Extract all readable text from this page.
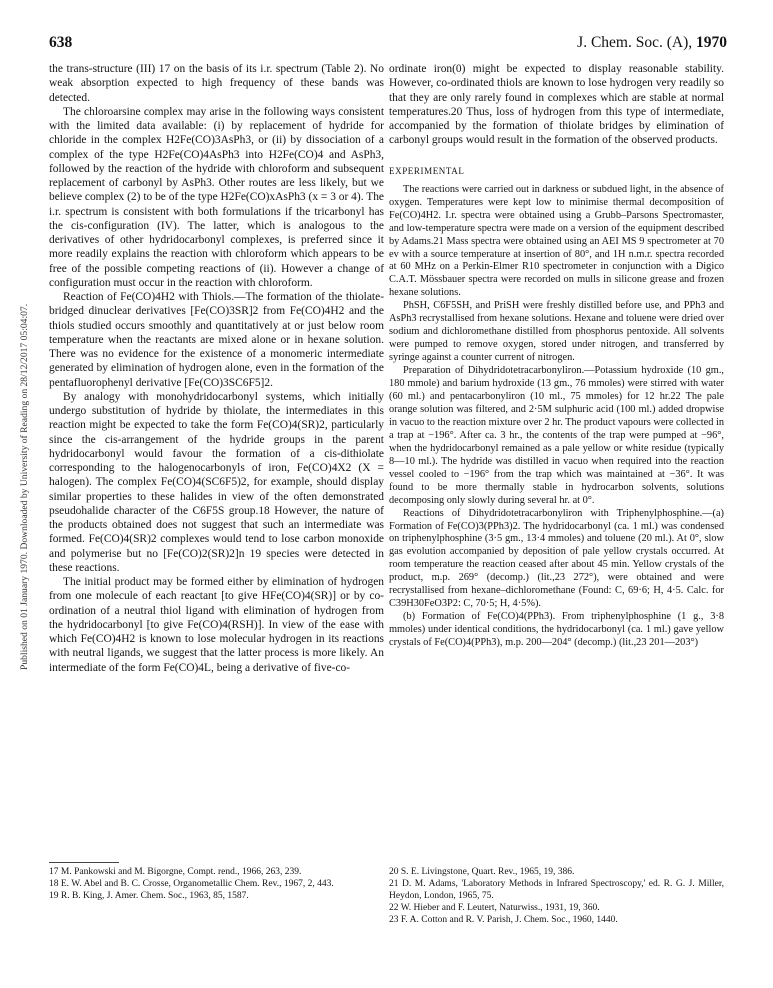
638	J. Chem. Soc. (A), 1970
Published on 01 January 1970. Downloaded by University of Reading on 28/12/2017 05:04:07.

the trans-structure (III) 17 on the basis of its i.r. spectrum (Table 2). No weak absorption expected to high frequency of these bands was detected.

The chloroarsine complex may arise in the following ways consistent with the limited data available: (i) by replacement of hydride for chloride in the complex H2Fe(CO)3AsPh3, or (ii) by dissociation of a complex of the type H2Fe(CO)4AsPh3 into H2Fe(CO)4 and AsPh3, followed by the reaction of the hydride with chloroform and subsequent replacement of carbonyl by AsPh3. Other routes are less likely, but we believe complex (2) to be of the type H2Fe(CO)xAsPh3 (x = 3 or 4). The i.r. spectrum is consistent with both formulations if the tricarbonyl has the cis-configuration (IV). The latter, which is analogous to the derivatives of other hydridocarbonyl complexes, is preferred since it more readily explains the reaction with chloroform which appears to be free of the possible competing reactions of (ii). However a change of configuration must occur in the reaction with chloroform.

Reaction of Fe(CO)4H2 with Thiols.—The formation of the thiolate-bridged dinuclear derivatives [Fe(CO)3SR]2 from Fe(CO)4H2 and the thiols studied occurs smoothly and quantitatively at or just below room temperature when the reactants are mixed alone or in hexane solution. There was no evidence for the existence of a monomeric intermediate generated by elimination of hydrogen alone, even in the formation of the pentafluorophenyl derivative [Fe(CO)3SC6F5]2.

By analogy with monohydridocarbonyl systems, which initially undergo substitution of hydride by thiolate, the intermediates in this reaction might be expected to take the form Fe(CO)4(SR)2, particularly since the cis-arrangement of the hydride groups in the parent hydridocarbonyl would favour the formation of a cis-dithiolate corresponding to the halogenocarbonyls of iron, Fe(CO)4X2 (X = halogen). The complex Fe(CO)4(SC6F5)2, for example, should display similar properties to these halides in view of the often demonstrated pseudohalide character of the C6F5S group.18 However, the nature of the products obtained does not suggest that such an intermediate was formed. Fe(CO)4(SR)2 complexes would tend to lose carbon monoxide and polymerise but no [Fe(CO)2(SR)2]n 19 species were detected in these reactions.

The initial product may be formed either by elimination of hydrogen from one molecule of each reactant [to give HFe(CO)4(SR)] or by co-ordination of a neutral thiol ligand with elimination of hydrogen from the hydridocarbonyl [to give Fe(CO)4(RSH)]. In view of the ease with which Fe(CO)4H2 is known to lose molecular hydrogen in its reactions with neutral ligands, we suggest that the latter process is more likely. An intermediate of the form Fe(CO)4L, being a derivative of five-co-

ordinate iron(0) might be expected to display reasonable stability. However, co-ordinated thiols are known to lose hydrogen very readily so that they are only rarely found in complexes which are stable at normal temperatures.20 Thus, loss of hydrogen from this type of intermediate, accompanied by the formation of thiolate bridges by elimination of carbonyl groups would result in the formation of the observed products.

EXPERIMENTAL

The reactions were carried out in darkness or subdued light, in the absence of oxygen. Temperatures were kept low to minimise thermal decomposition of Fe(CO)4H2. I.r. spectra were obtained using a Grubb–Parsons Spectromaster, and low-temperature spectra were made on a version of the equipment described by Adams.21 Mass spectra were obtained using an AEI MS 9 spectrometer at 70 ev with a source temperature at insertion of 80°, and 1H n.m.r. spectra recorded at 60 MHz on a Perkin-Elmer R10 spectrometer in conjunction with a Digico C.A.T. Mössbauer spectra were recorded on mulls in silicone grease and frozen hexane solutions.

PhSH, C6F5SH, and PriSH were freshly distilled before use, and PPh3 and AsPh3 recrystallised from hexane solutions. Hexane and toluene were dried over sodium and dichloromethane distilled from phosphorus pentoxide. All solvents were pumped to remove oxygen, stored under nitrogen, and transferred by syringe against a counter current of nitrogen.

Preparation of Dihydridotetracarbonyliron.—Potassium hydroxide (10 gm., 180 mmole) and barium hydroxide (13 gm., 76 mmoles) were stirred with water (60 ml.) and pentacarbonyliron (10 ml., 75 mmoles) for 12 hr.22 The pale orange solution was filtered, and 2·5M sulphuric acid (100 ml.) added dropwise in vacuo to the reaction mixture over 2 hr. The product vapours were collected in a trap at −196°. After ca. 3 hr., the contents of the trap were pumped at −96°, when the hydridocarbonyl remained as a pale yellow or white residue (typically 8—10 ml.). The hydride was distilled in vacuo when required into the reaction vessel cooled to −196° from the trap which was maintained at −36°. It was found to be more thermally stable in hydrocarbon solvents, solutions decomposing only slowly during several hr. at 0°.

Reactions of Dihydridotetracarbonyliron with Triphenylphosphine.—(a) Formation of Fe(CO)3(PPh3)2. The hydridocarbonyl (ca. 1 ml.) was condensed on triphenylphosphine (3·5 gm., 13·4 mmoles) and toluene (20 ml.). At 0°, slow gas evolution accompanied by deposition of pale yellow crystals occurred. At room temperature the reaction ceased after about 45 min. Yellow crystals of the product, m.p. 269° (decomp.) (lit.,23 272°), were obtained and were recrystallised from hexane–dichloromethane (Found: C, 69·6; H, 4·5. Calc. for C39H30FeO3P2: C, 70·5; H, 4·5%).

(b) Formation of Fe(CO)4(PPh3). From triphenylphosphine (1 g., 3·8 mmoles) under identical conditions, the hydridocarbonyl (ca. 1 ml.) gave yellow crystals of Fe(CO)4(PPh3), m.p. 200—204° (decomp.) (lit.,23 201—203°)

17 M. Pankowski and M. Bigorgne, Compt. rend., 1966, 263, 239.

18 E. W. Abel and B. C. Crosse, Organometallic Chem. Rev., 1967, 2, 443.

19 R. B. King, J. Amer. Chem. Soc., 1963, 85, 1587.

20 S. E. Livingstone, Quart. Rev., 1965, 19, 386.

21 D. M. Adams, 'Laboratory Methods in Infrared Spectroscopy,' ed. R. G. J. Miller, Heydon, London, 1965, 75.

22 W. Hieber and F. Leutert, Naturwiss., 1931, 19, 360.

23 F. A. Cotton and R. V. Parish, J. Chem. Soc., 1960, 1440.
